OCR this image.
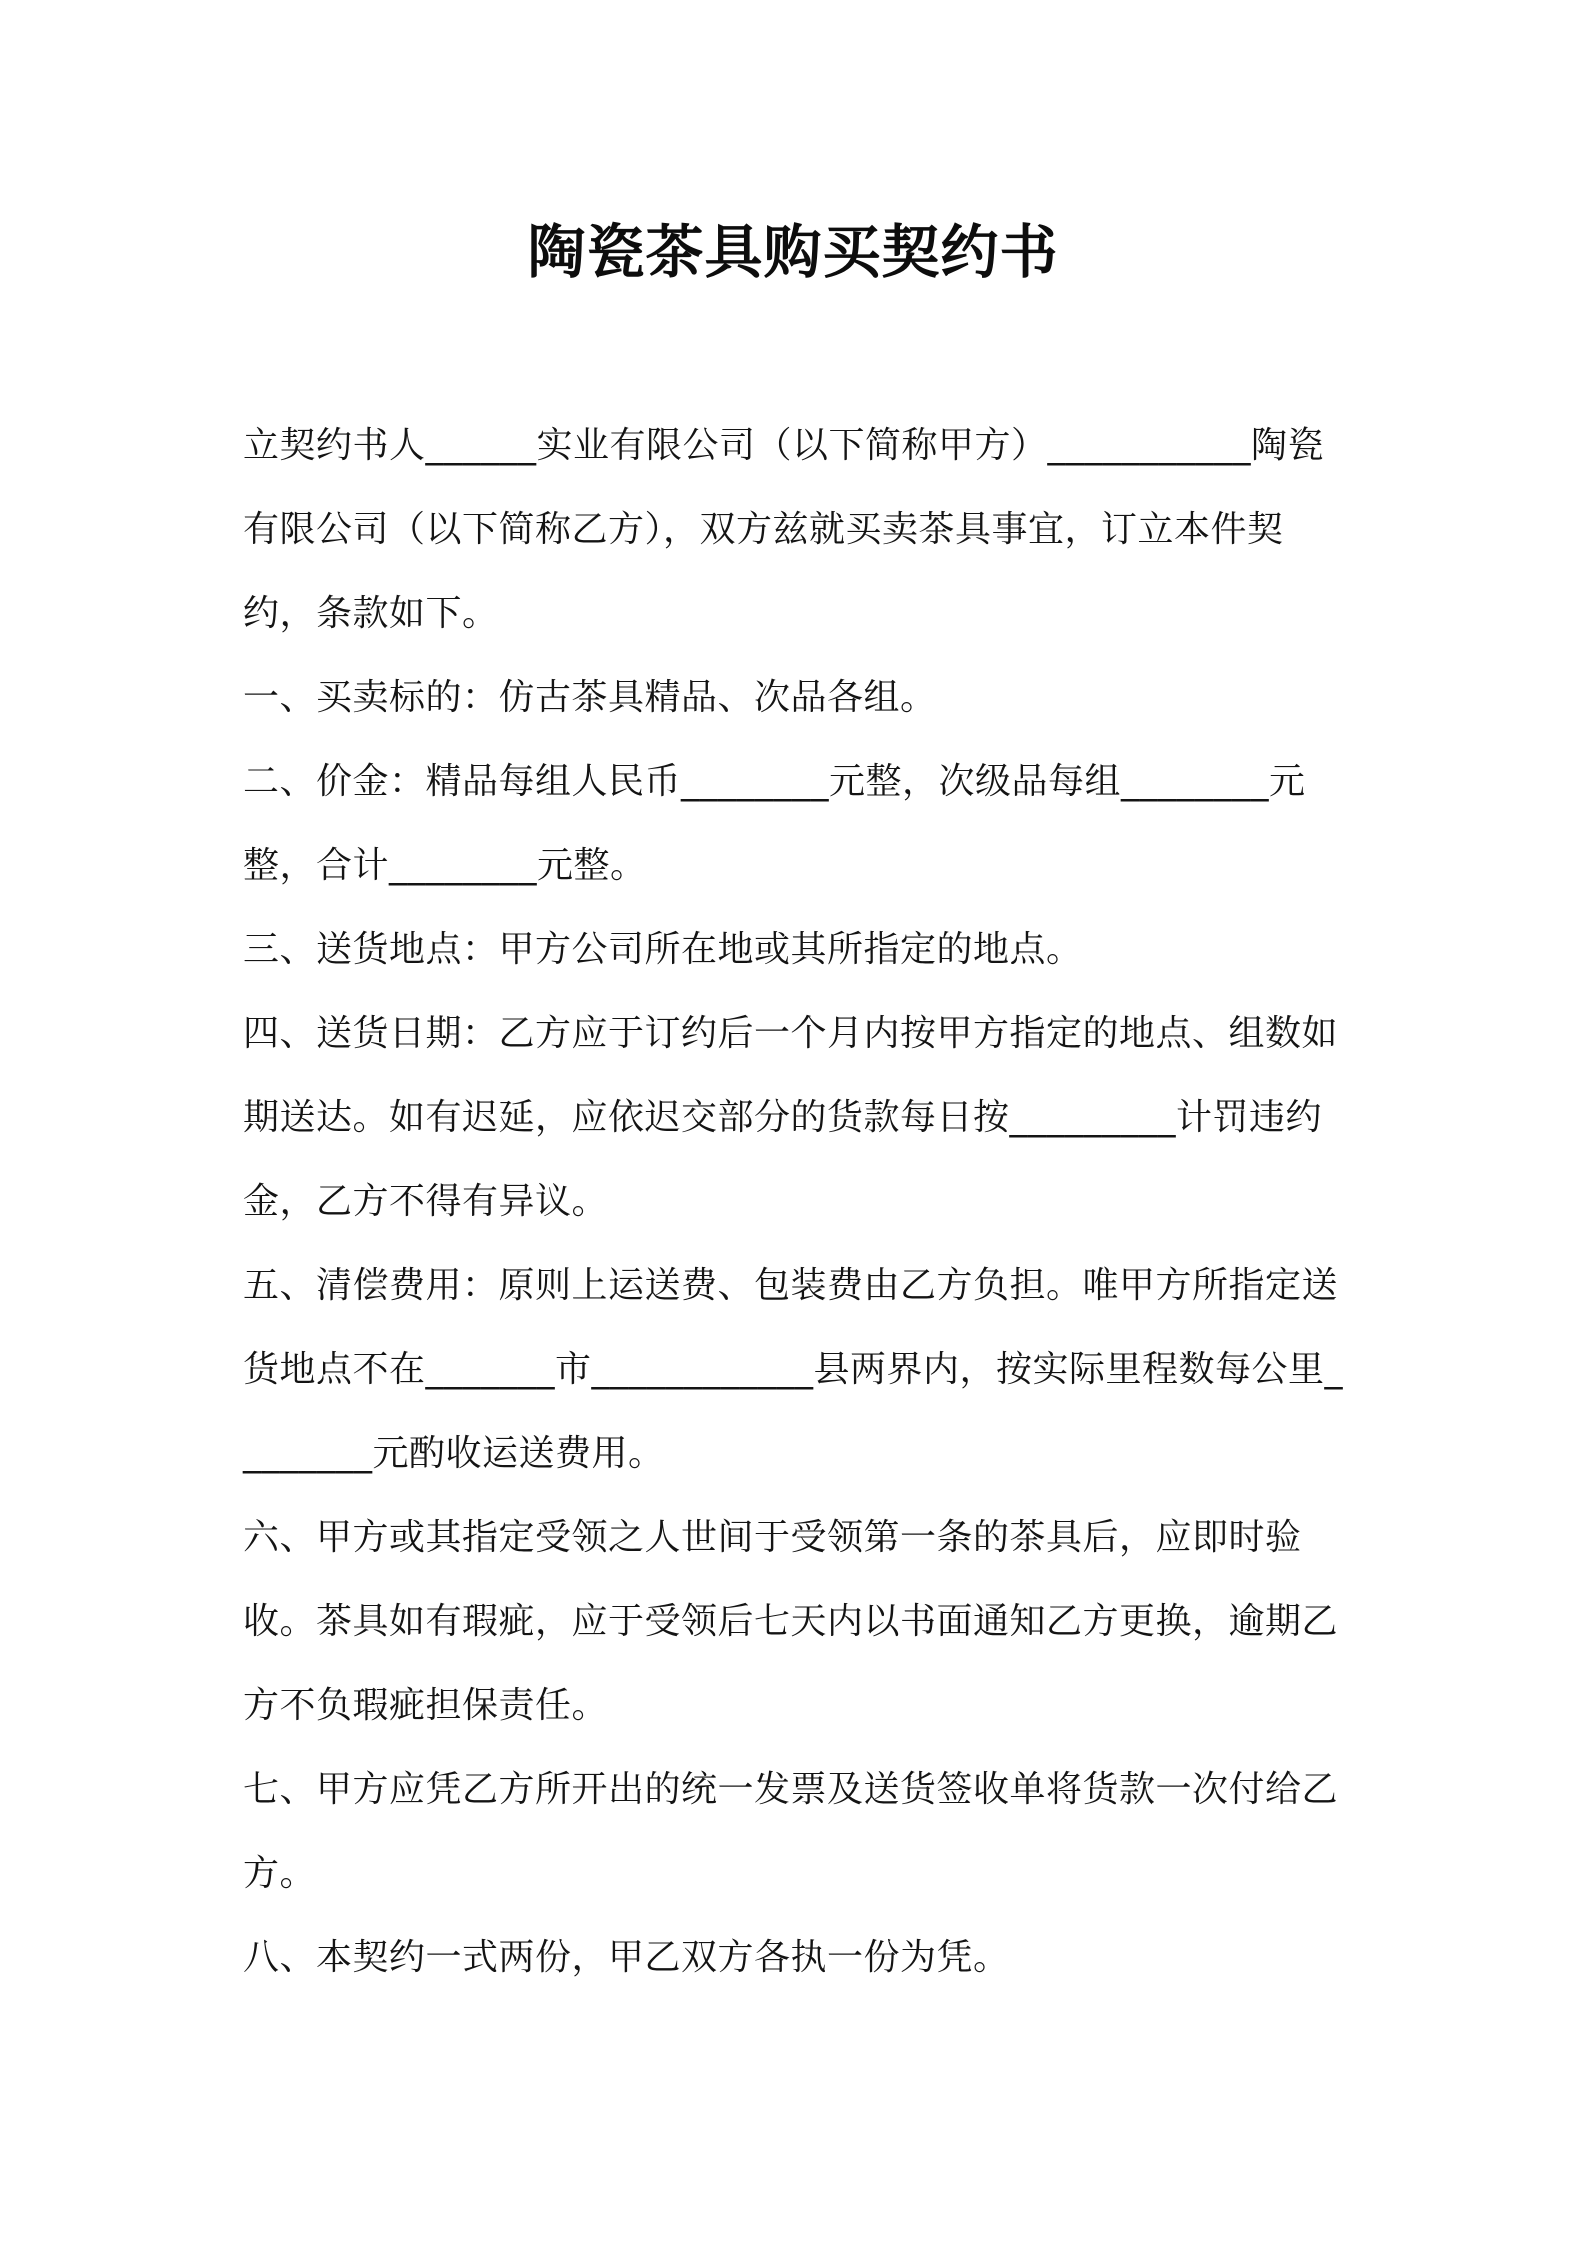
陶瓷茶具购买契约书

立契约书人______实业有限公司（以下简称甲方）___________陶瓷有限公司（以下简称乙方），双方兹就买卖茶具事宜，订立本件契约，条款如下。

一、买卖标的：仿古茶具精品、次品各组。

二、价金：精品每组人民币________元整，次级品每组________元整，合计________元整。

三、送货地点：甲方公司所在地或其所指定的地点。

四、送货日期：乙方应于订约后一个月内按甲方指定的地点、组数如期送达。如有迟延，应依迟交部分的货款每日按_________计罚违约金，乙方不得有异议。

五、清偿费用：原则上运送费、包装费由乙方负担。唯甲方所指定送货地点不在_______市____________县两界内，按实际里程数每公里________元酌收运送费用。

六、甲方或其指定受领之人世间于受领第一条的茶具后，应即时验收。茶具如有瑕疵，应于受领后七天内以书面通知乙方更换，逾期乙方不负瑕疵担保责任。

七、甲方应凭乙方所开出的统一发票及送货签收单将货款一次付给乙方。

八、本契约一式两份，甲乙双方各执一份为凭。
